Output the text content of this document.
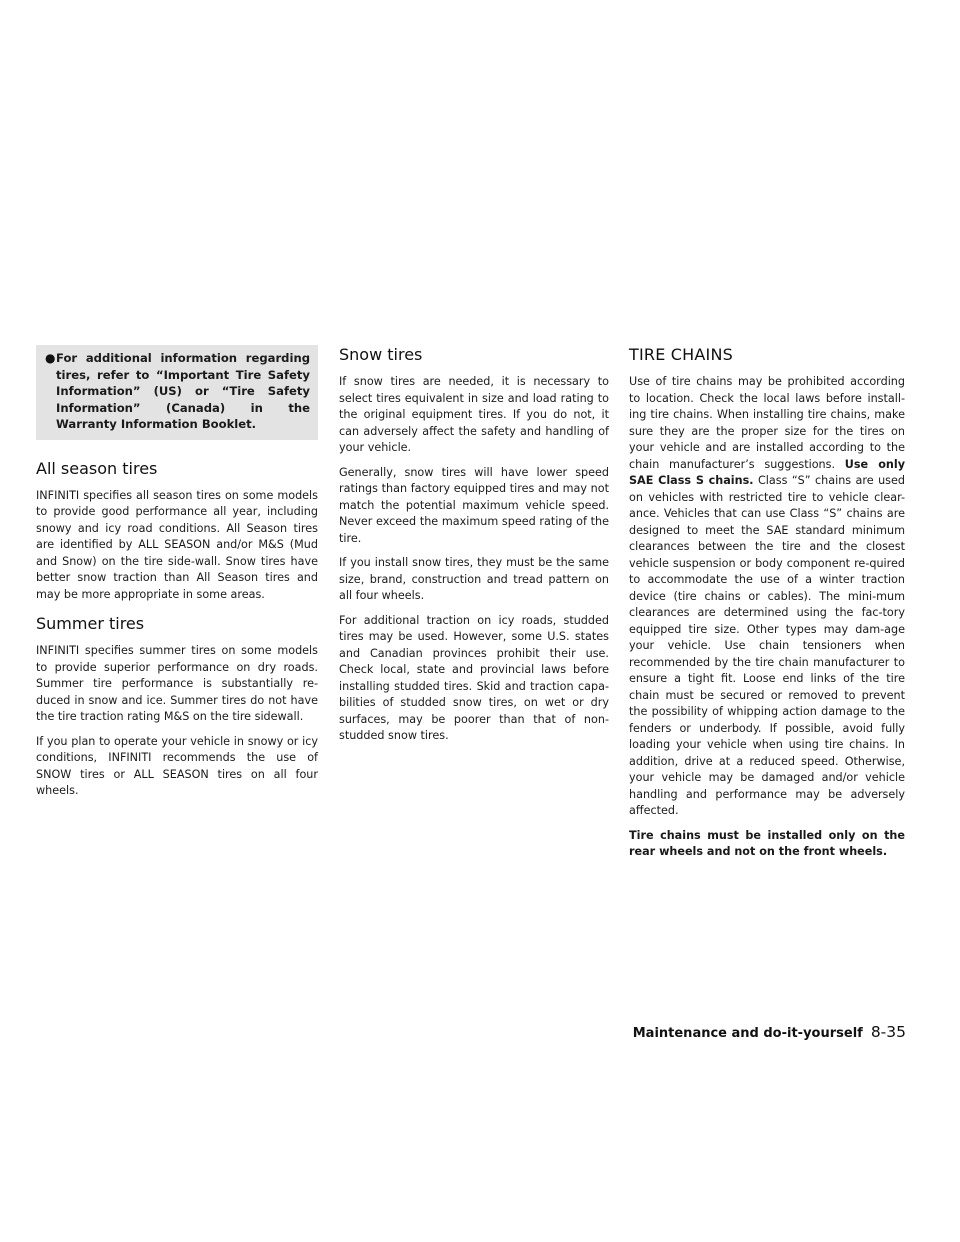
● For additional information regarding tires, refer to “Important Tire Safety Information” (US) or “Tire Safety Information” (Canada) in the Warranty Information Booklet.
All season tires

INFINITI specifies all season tires on some models to provide good performance all year, including snowy and icy road conditions. All Season tires are identified by ALL SEASON and/or M&S (Mud and Snow) on the tire side-wall. Snow tires have better snow traction than All Season tires and may be more appropriate in some areas.

Summer tires

INFINITI specifies summer tires on some models to provide superior performance on dry roads. Summer tire performance is substantially re-duced in snow and ice. Summer tires do not have the tire traction rating M&S on the tire sidewall.

If you plan to operate your vehicle in snowy or icy conditions, INFINITI recommends the use of SNOW tires or ALL SEASON tires on all four wheels.

Snow tires

If snow tires are needed, it is necessary to select tires equivalent in size and load rating to the original equipment tires. If you do not, it can adversely affect the safety and handling of your vehicle.

Generally, snow tires will have lower speed ratings than factory equipped tires and may not match the potential maximum vehicle speed. Never exceed the maximum speed rating of the tire.

If you install snow tires, they must be the same size, brand, construction and tread pattern on all four wheels.

For additional traction on icy roads, studded tires may be used. However, some U.S. states and Canadian provinces prohibit their use. Check local, state and provincial laws before installing studded tires. Skid and traction capa-bilities of studded snow tires, on wet or dry surfaces, may be poorer than that of non-studded snow tires.

TIRE CHAINS

Use of tire chains may be prohibited according to location. Check the local laws before install-ing tire chains. When installing tire chains, make sure they are the proper size for the tires on your vehicle and are installed according to the chain manufacturer’s suggestions. Use only SAE Class S chains. Class “S” chains are used on vehicles with restricted tire to vehicle clear-ance. Vehicles that can use Class “S” chains are designed to meet the SAE standard minimum clearances between the tire and the closest vehicle suspension or body component re-quired to accommodate the use of a winter traction device (tire chains or cables). The mini-mum clearances are determined using the fac-tory equipped tire size. Other types may dam-age your vehicle. Use chain tensioners when recommended by the tire chain manufacturer to ensure a tight fit. Loose end links of the tire chain must be secured or removed to prevent the possibility of whipping action damage to the fenders or underbody. If possible, avoid fully loading your vehicle when using tire chains. In addition, drive at a reduced speed. Otherwise, your vehicle may be damaged and/or vehicle handling and performance may be adversely affected.

Tire chains must be installed only on the rear wheels and not on the front wheels.

Maintenance and do-it-yourself 8-35
